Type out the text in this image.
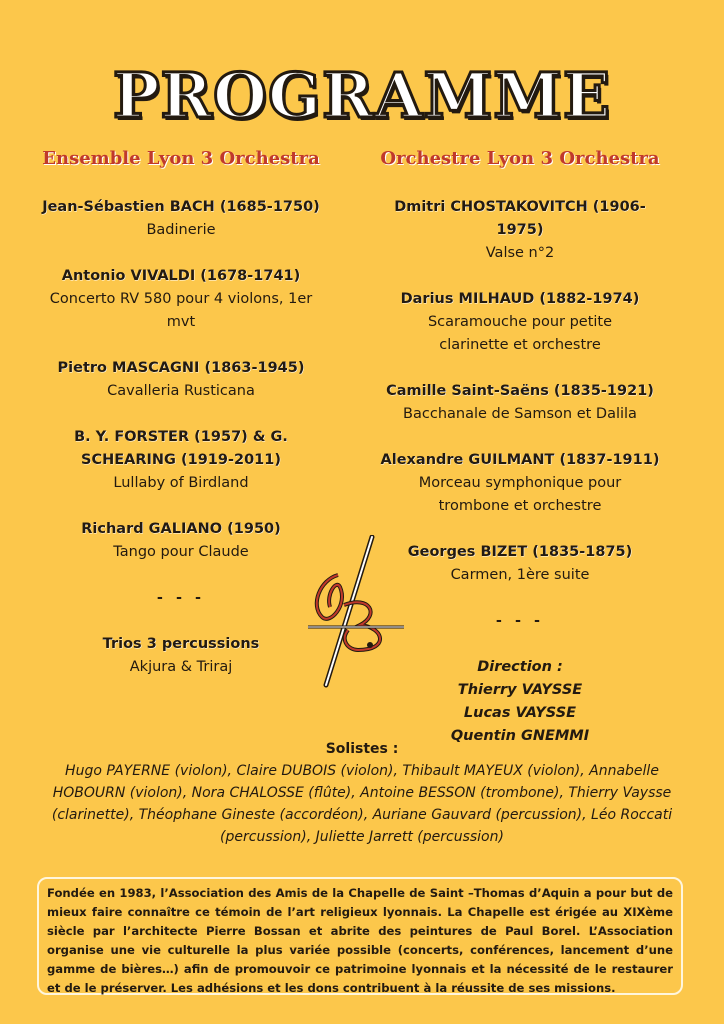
PROGRAMME
Ensemble Lyon 3 Orchestra	Orchestre Lyon 3 Orchestra
Jean-Sébastien BACH (1685-1750)
Badinerie
Antonio VIVALDI (1678-1741)
Concerto RV 580 pour 4 violons, 1er mvt
Pietro MASCAGNI (1863-1945)
Cavalleria Rusticana
B. Y. FORSTER (1957) & G. SCHEARING (1919-2011)
Lullaby of Birdland
Richard GALIANO (1950)
Tango pour Claude
- - -
Trios 3 percussions
Akjura & Triraj
Dmitri CHOSTAKOVITCH (1906-1975)
Valse n°2
Darius MILHAUD (1882-1974)
Scaramouche pour petite clarinette et orchestre
Camille Saint-Saëns (1835-1921)
Bacchanale de Samson et Dalila
Alexandre GUILMANT (1837-1911)
Morceau symphonique pour trombone et orchestre
Georges BIZET (1835-1875)
Carmen, 1ère suite
- - -
Direction :
Thierry VAYSSE
Lucas VAYSSE
Quentin GNEMMI
Solistes :
Hugo PAYERNE (violon), Claire DUBOIS (violon), Thibault MAYEUX (violon), Annabelle HOBOURN (violon), Nora CHALOSSE (flûte), Antoine BESSON (trombone), Thierry Vaysse (clarinette), Théophane Gineste (accordéon), Auriane Gauvard (percussion), Léo Roccati (percussion), Juliette Jarrett (percussion)
Fondée en 1983, l’Association des Amis de la Chapelle de Saint –Thomas d’Aquin a pour but de mieux faire connaître ce témoin de l’art religieux lyonnais. La Chapelle est érigée au XIXème siècle par l’architecte Pierre Bossan et abrite des peintures de Paul Borel. L’Association organise une vie culturelle la plus variée possible (concerts, conférences, lancement d’une gamme de bières…) afin de promouvoir ce patrimoine lyonnais et la nécessité de le restaurer et de le préserver. Les adhésions et les dons contribuent à la réussite de ses missions.
